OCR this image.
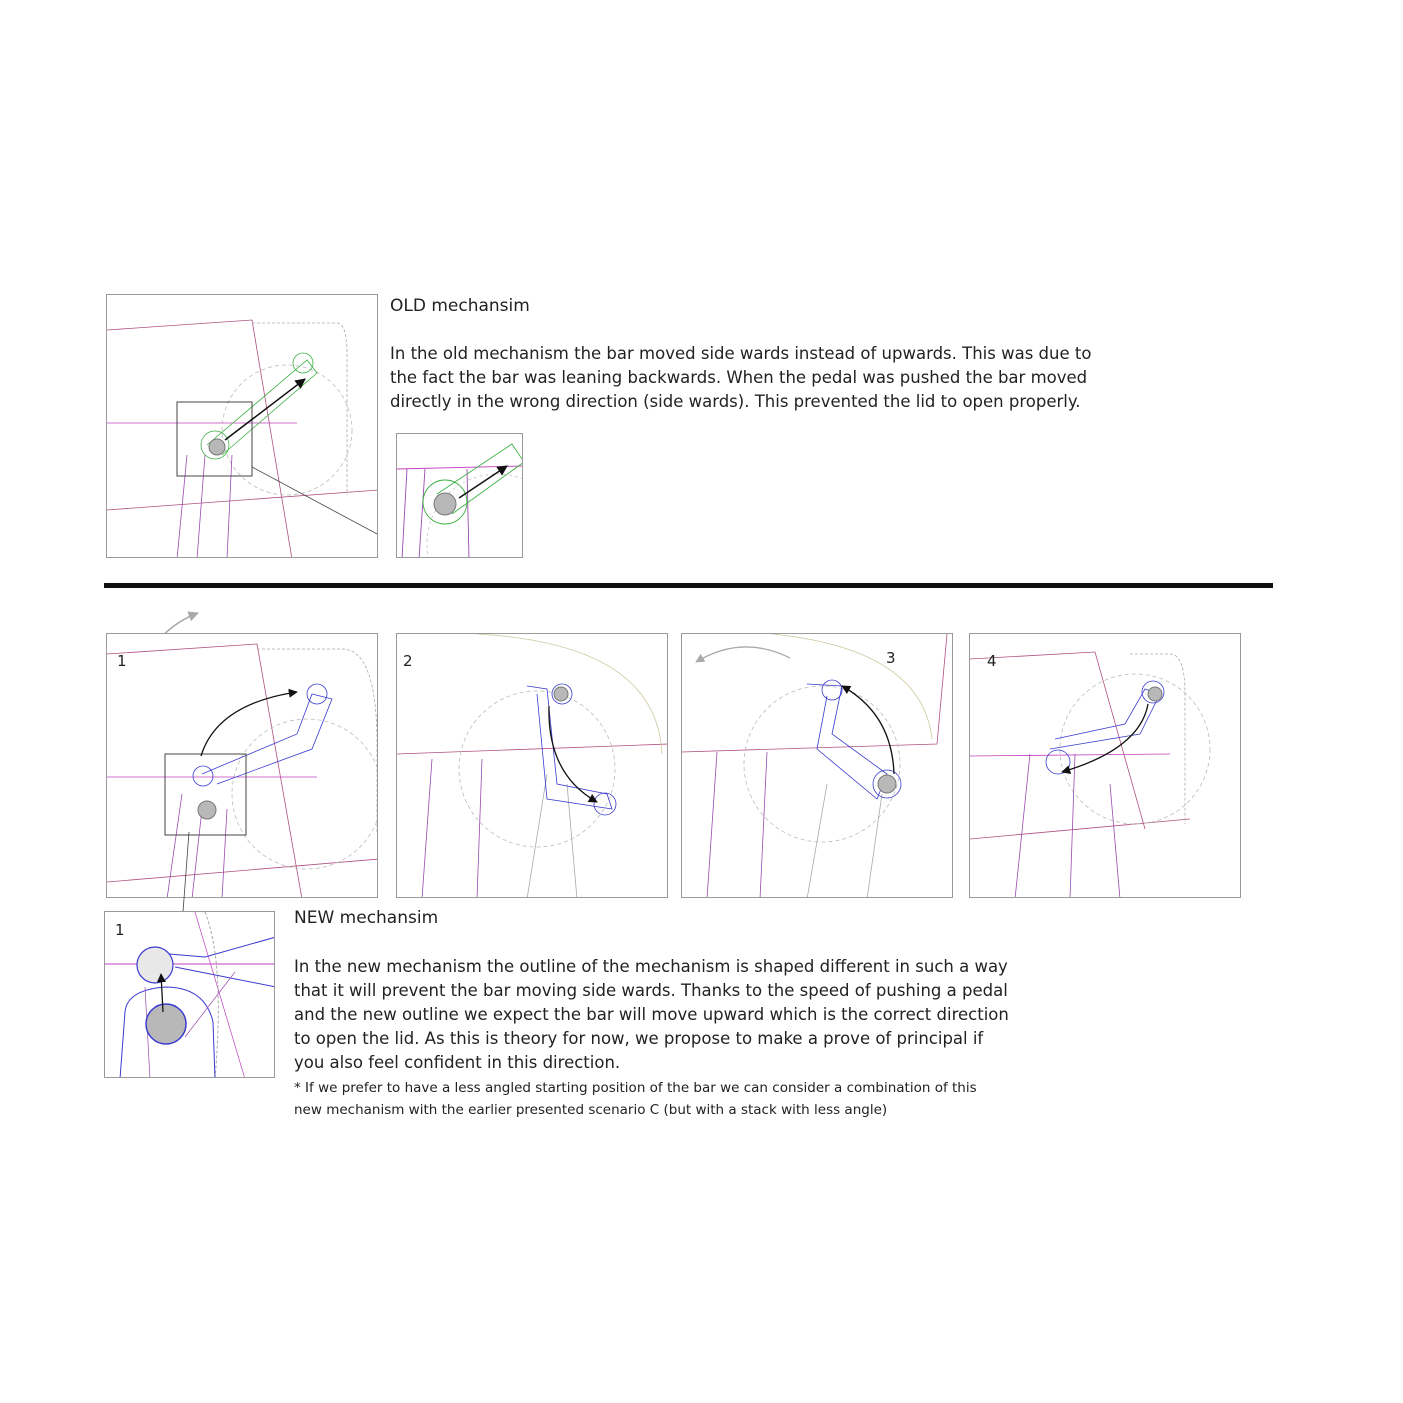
OLD mechansim
In the old mechanism the bar moved side wards instead of upwards. This was due to
the fact the bar was leaning backwards. When the pedal was pushed the bar moved
directly in the wrong direction (side wards). This prevented the lid to open properly.
1	2	3	4
1
NEW mechansim
In the new mechanism the outline of the mechanism is shaped different in such a way
that it will prevent the bar moving side wards. Thanks to the speed of pushing a pedal
and the new outline we expect the bar will move upward which is the correct direction
to open the lid. As this is theory for now, we propose to make a prove of principal if
you also feel confident in this direction.
* If we prefer to have a less angled starting position of the bar we can consider a combination of this
new mechanism with the earlier presented scenario C (but with a stack with less angle)
